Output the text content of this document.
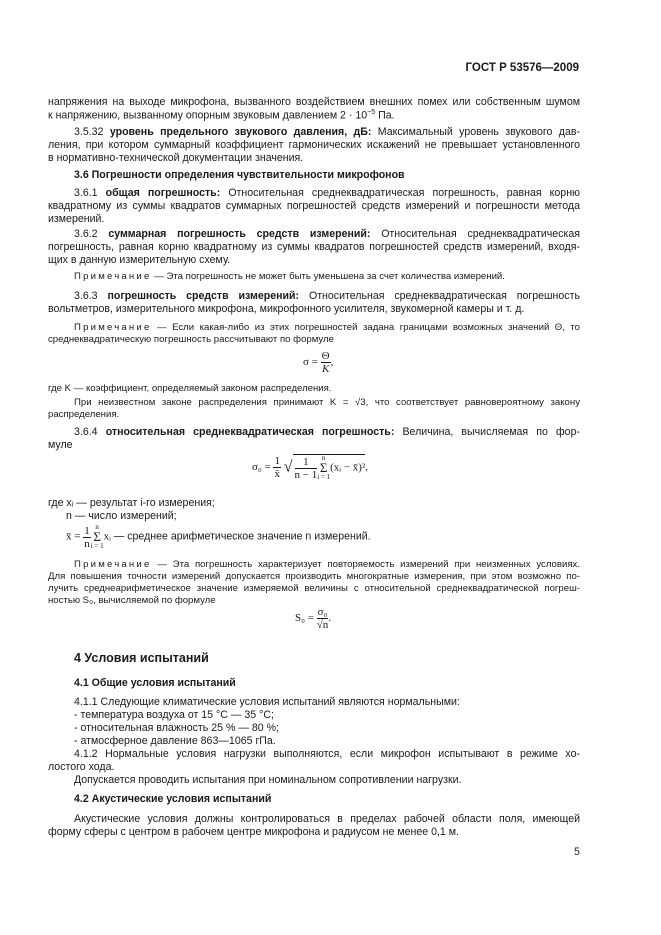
ГОСТ Р 53576—2009
напряжения на выходе микрофона, вызванного воздействием внешних помех или собственным шумом
к напряжению, вызванному опорным звуковым давлением $2 \cdot 10^{-5}$ Па.
3.5.32 уровень предельного звукового давления, дБ: Максимальный уровень звукового дав-
ления, при котором суммарный коэффициент гармонических искажений не превышает установленного
в нормативно-технической документации значения.
3.6 Погрешности определения чувствительности микрофонов
3.6.1 общая погрешность: Относительная среднеквадратическая погрешность, равная корню
квадратному из суммы квадратов суммарных погрешностей средств измерений и погрешности метода
измерений.
3.6.2 суммарная погрешность средств измерений: Относительная среднеквадратическая
погрешность, равная корню квадратному из суммы квадратов погрешностей средств измерений, входя-
щих в данную измерительную схему.
Примечание — Эта погрешность не может быть уменьшена за счет количества измерений.
3.6.3 погрешность средств измерений: Относительная среднеквадратическая погрешность
вольтметров, измерительного микрофона, микрофонного усилителя, звукомерной камеры и т. д.
Примечание — Если какая-либо из этих погрешностей задана границами возможных значений Θ, то
среднеквадратическую погрешность рассчитывают по формуле
$\sigma = \frac{\Theta}{K}$ ,
где K — коэффициент, определяемый законом распределения.
При неизвестном законе распределения принимают K = √3, что соответствует равновероятному закону
распределения.
3.6.4 относительная среднеквадратическая погрешность: Величина, вычисляемая по фор-
муле
$\sigma_0 = \frac{1}{x̄}$ √ $\frac{1}{n - 1}$ n
Σ
i = 1
(xᵢ − x̄)²,
где xᵢ — результат i-го измерения;
n — число измерений;
x̄ = $\frac{1}{n}$ n
Σ
i = 1
xᵢ — среднее арифметическое значение n измерений.
Примечание — Эта погрешность характеризует повторяемость измерений при неизменных условиях.
Для повышения точности измерений допускается производить многократные измерения, при этом возможно по-
лучить среднеарифметическое значение измеряемой величины с относительной среднеквадратической погреш-
ностью S₀, вычисляемой по формуле
$S_0 = \frac{\text{σ₀}}{√n}$ .
4 Условия испытаний
4.1 Общие условия испытаний
4.1.1 Следующие климатические условия испытаний являются нормальными:
- температура воздуха от 15 °С — 35 °С;
- относительная влажность 25 % — 80 %;
- атмосферное давление 863—1065 гПа.
4.1.2 Нормальные условия нагрузки выполняются, если микрофон испытывают в режиме хо-
лостого хода.
Допускается проводить испытания при номинальном сопротивлении нагрузки.
4.2 Акустические условия испытаний
Акустические условия должны контролироваться в пределах рабочей области поля, имеющей
форму сферы с центром в рабочем центре микрофона и радиусом не менее 0,1 м.
5
